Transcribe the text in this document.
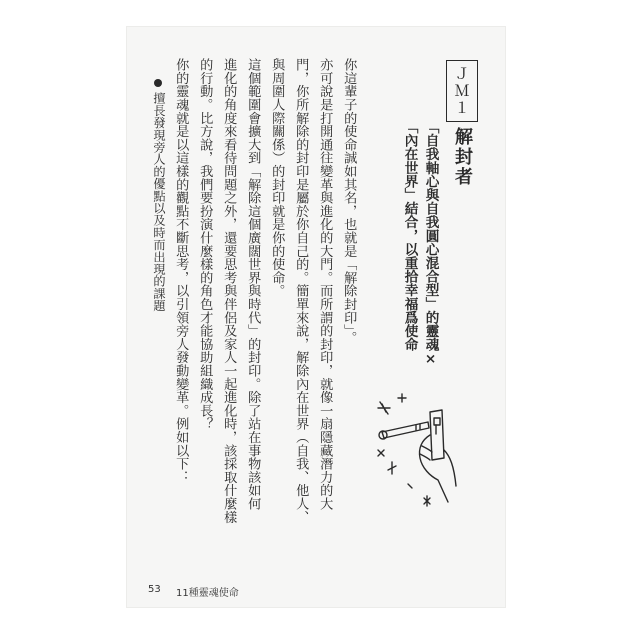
ＪＭ１
解封者
「自我軸心與自我圓心混合型」的靈魂×
「內在世界」結合，以重拾幸福爲使命
你這輩子的使命誠如其名，也就是「解除封印」。
亦可說是打開通往變革與進化的大門。而所謂的封印，就像一扇隱藏潛力的大
門，你所解除的封印是屬於你自己的。簡單來說，解除內在世界（自我、他人、
與周圍人際關係）的封印就是你的使命。
這個範圍會擴大到「解除這個廣闊世界與時代」的封印。除了站在事物該如何
進化的角度來看待問題之外，還要思考與伴侶及家人一起進化時，該採取什麼樣
的行動。比方說，我們要扮演什麼樣的角色才能協助組織成長？
你的靈魂就是以這樣的觀點不斷思考，以引領旁人發動變革。例如以下：
擅長發現旁人的優點以及時而出現的課題
53 11種靈魂使命
